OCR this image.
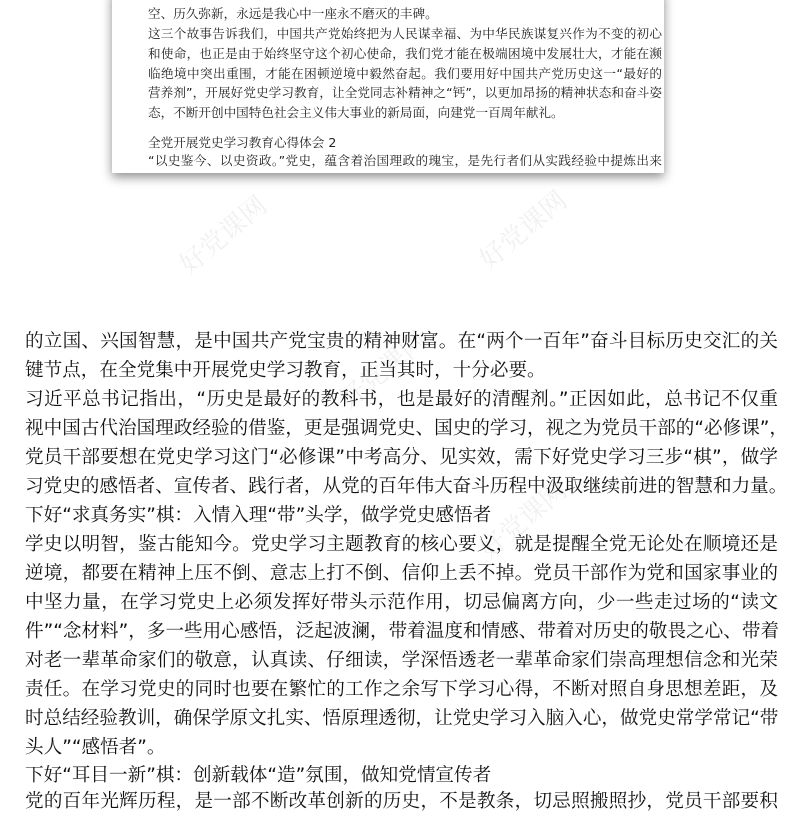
空、历久弥新，永远是我心中一座永不磨灭的丰碑。
这三个故事告诉我们，中国共产党始终把为人民谋幸福、为中华民族谋复兴作为不变的初心
和使命，也正是由于始终坚守这个初心使命，我们党才能在极端困境中发展壮大，才能在濒
临绝境中突出重围，才能在困顿逆境中毅然奋起。我们要用好中国共产党历史这一“最好的
营养剂”，开展好党史学习教育，让全党同志补精神之“钙”，以更加昂扬的精神状态和奋斗姿
态，不断开创中国特色社会主义伟大事业的新局面，向建党一百周年献礼。
全党开展党史学习教育心得体会 2
“以史鉴今、以史资政。”党史，蕴含着治国理政的瑰宝，是先行者们从实践经验中提炼出来
好党课网	好党课网
好党课网
好党课网
的立国、兴国智慧，是中国共产党宝贵的精神财富。在“两个一百年”奋斗目标历史交汇的关
键节点，在全党集中开展党史学习教育，正当其时，十分必要。
习近平总书记指出，“历史是最好的教科书，也是最好的清醒剂。”正因如此，总书记不仅重
视中国古代治国理政经验的借鉴，更是强调党史、国史的学习，视之为党员干部的“必修课”，
党员干部要想在党史学习这门“必修课”中考高分、见实效，需下好党史学习三步“棋”，做学
习党史的感悟者、宣传者、践行者，从党的百年伟大奋斗历程中汲取继续前进的智慧和力量。
下好“求真务实”棋：入情入理“带”头学，做学党史感悟者
学史以明智，鉴古能知今。党史学习主题教育的核心要义，就是提醒全党无论处在顺境还是
逆境，都要在精神上压不倒、意志上打不倒、信仰上丢不掉。党员干部作为党和国家事业的
中坚力量，在学习党史上必须发挥好带头示范作用，切忌偏离方向，少一些走过场的“读文
件”“念材料”，多一些用心感悟，泛起波澜，带着温度和情感、带着对历史的敬畏之心、带着
对老一辈革命家们的敬意，认真读、仔细读，学深悟透老一辈革命家们崇高理想信念和光荣
责任。在学习党史的同时也要在繁忙的工作之余写下学习心得，不断对照自身思想差距，及
时总结经验教训，确保学原文扎实、悟原理透彻，让党史学习入脑入心，做党史常学常记“带
头人”“感悟者”。
下好“耳目一新”棋：创新载体“造”氛围，做知党情宣传者
党的百年光辉历程，是一部不断改革创新的历史，不是教条，切忌照搬照抄，党员干部要积
